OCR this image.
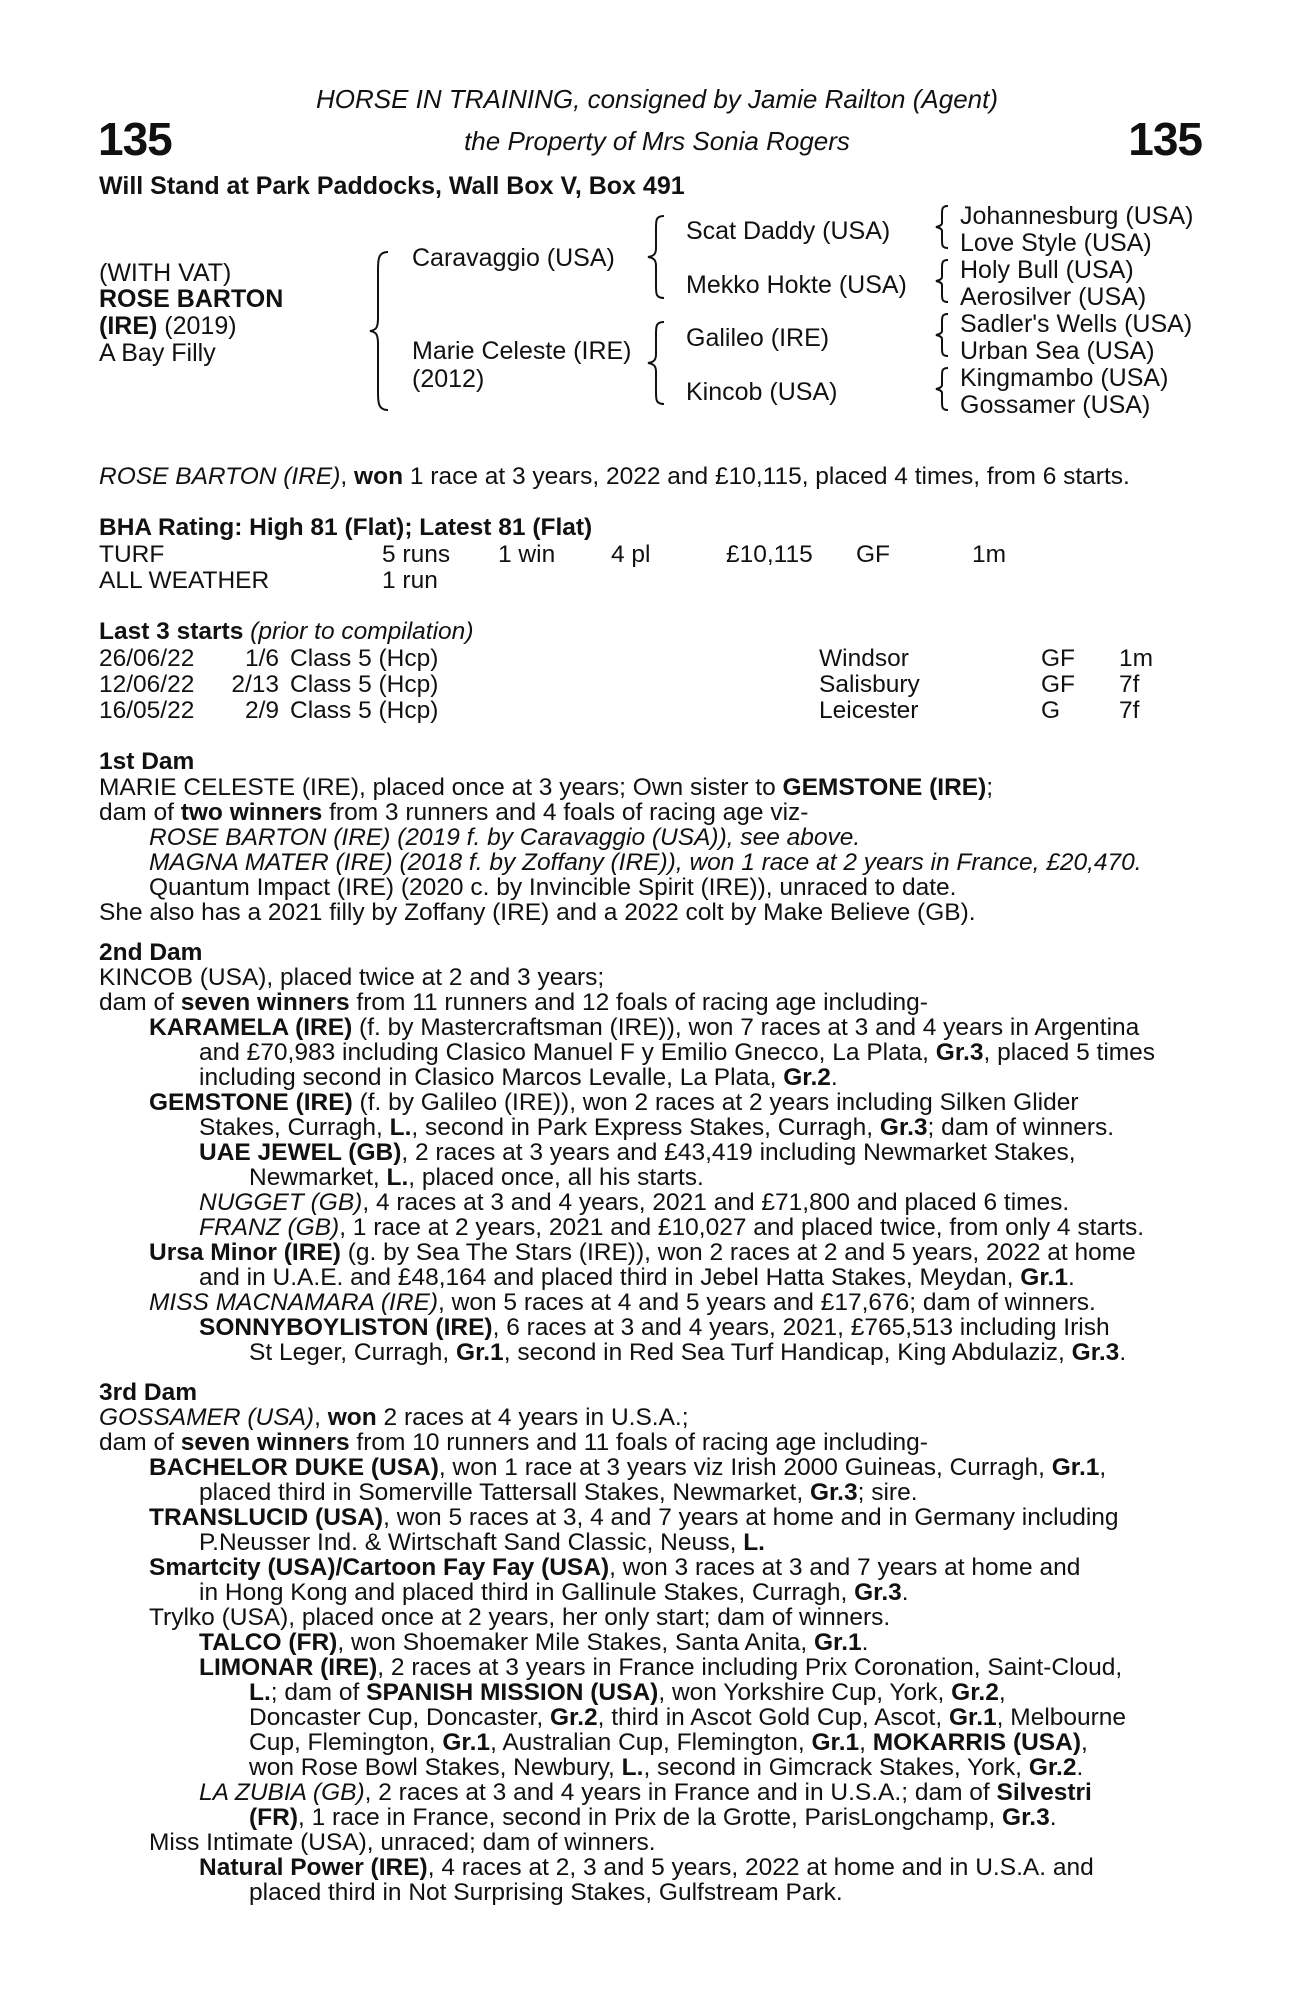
135	135
HORSE IN TRAINING, consigned by Jamie Railton (Agent)
the Property of Mrs Sonia Rogers
Will Stand at Park Paddocks, Wall Box V, Box 491
(WITH VAT)
ROSE BARTON
(IRE) (2019)
A Bay Filly
Caravaggio (USA)
Marie Celeste (IRE)
(2012)
Scat Daddy (USA)
Mekko Hokte (USA)
Galileo (IRE)
Kincob (USA)
Johannesburg (USA)
Love Style (USA)
Holy Bull (USA)
Aerosilver (USA)
Sadler's Wells (USA)
Urban Sea (USA)
Kingmambo (USA)
Gossamer (USA)
ROSE BARTON (IRE), won 1 race at 3 years, 2022 and £10,115, placed 4 times, from 6 starts.
BHA Rating: High 81 (Flat); Latest 81 (Flat)
TURF	5 runs 1 win 4 pl	£10,115 GF	1m
ALL WEATHER	1 run
Last 3 starts (prior to compilation)
26/06/22	1/6 Class 5 (Hcp)	Windsor	GF 1m
12/06/22	2/13 Class 5 (Hcp)	Salisbury	GF 7f
16/05/22	2/9 Class 5 (Hcp)	Leicester	G 7f
1st Dam
MARIE CELESTE (IRE), placed once at 3 years; Own sister to GEMSTONE (IRE);
dam of two winners from 3 runners and 4 foals of racing age viz-
ROSE BARTON (IRE) (2019 f. by Caravaggio (USA)), see above.
MAGNA MATER (IRE) (2018 f. by Zoffany (IRE)), won 1 race at 2 years in France, £20,470.
Quantum Impact (IRE) (2020 c. by Invincible Spirit (IRE)), unraced to date.
She also has a 2021 filly by Zoffany (IRE) and a 2022 colt by Make Believe (GB).
2nd Dam
KINCOB (USA), placed twice at 2 and 3 years;
dam of seven winners from 11 runners and 12 foals of racing age including-
KARAMELA (IRE) (f. by Mastercraftsman (IRE)), won 7 races at 3 and 4 years in Argentina
and £70,983 including Clasico Manuel F y Emilio Gnecco, La Plata, Gr.3, placed 5 times
including second in Clasico Marcos Levalle, La Plata, Gr.2.
GEMSTONE (IRE) (f. by Galileo (IRE)), won 2 races at 2 years including Silken Glider
Stakes, Curragh, L., second in Park Express Stakes, Curragh, Gr.3; dam of winners.
UAE JEWEL (GB), 2 races at 3 years and £43,419 including Newmarket Stakes,
Newmarket, L., placed once, all his starts.
NUGGET (GB), 4 races at 3 and 4 years, 2021 and £71,800 and placed 6 times.
FRANZ (GB), 1 race at 2 years, 2021 and £10,027 and placed twice, from only 4 starts.
Ursa Minor (IRE) (g. by Sea The Stars (IRE)), won 2 races at 2 and 5 years, 2022 at home
and in U.A.E. and £48,164 and placed third in Jebel Hatta Stakes, Meydan, Gr.1.
MISS MACNAMARA (IRE), won 5 races at 4 and 5 years and £17,676; dam of winners.
SONNYBOYLISTON (IRE), 6 races at 3 and 4 years, 2021, £765,513 including Irish
St Leger, Curragh, Gr.1, second in Red Sea Turf Handicap, King Abdulaziz, Gr.3.
3rd Dam
GOSSAMER (USA), won 2 races at 4 years in U.S.A.;
dam of seven winners from 10 runners and 11 foals of racing age including-
BACHELOR DUKE (USA), won 1 race at 3 years viz Irish 2000 Guineas, Curragh, Gr.1,
placed third in Somerville Tattersall Stakes, Newmarket, Gr.3; sire.
TRANSLUCID (USA), won 5 races at 3, 4 and 7 years at home and in Germany including
P.Neusser Ind. & Wirtschaft Sand Classic, Neuss, L.
Smartcity (USA)/Cartoon Fay Fay (USA), won 3 races at 3 and 7 years at home and
in Hong Kong and placed third in Gallinule Stakes, Curragh, Gr.3.
Trylko (USA), placed once at 2 years, her only start; dam of winners.
TALCO (FR), won Shoemaker Mile Stakes, Santa Anita, Gr.1.
LIMONAR (IRE), 2 races at 3 years in France including Prix Coronation, Saint-Cloud,
L.; dam of SPANISH MISSION (USA), won Yorkshire Cup, York, Gr.2,
Doncaster Cup, Doncaster, Gr.2, third in Ascot Gold Cup, Ascot, Gr.1, Melbourne
Cup, Flemington, Gr.1, Australian Cup, Flemington, Gr.1, MOKARRIS (USA),
won Rose Bowl Stakes, Newbury, L., second in Gimcrack Stakes, York, Gr.2.
LA ZUBIA (GB), 2 races at 3 and 4 years in France and in U.S.A.; dam of Silvestri
(FR), 1 race in France, second in Prix de la Grotte, ParisLongchamp, Gr.3.
Miss Intimate (USA), unraced; dam of winners.
Natural Power (IRE), 4 races at 2, 3 and 5 years, 2022 at home and in U.S.A. and
placed third in Not Surprising Stakes, Gulfstream Park.
